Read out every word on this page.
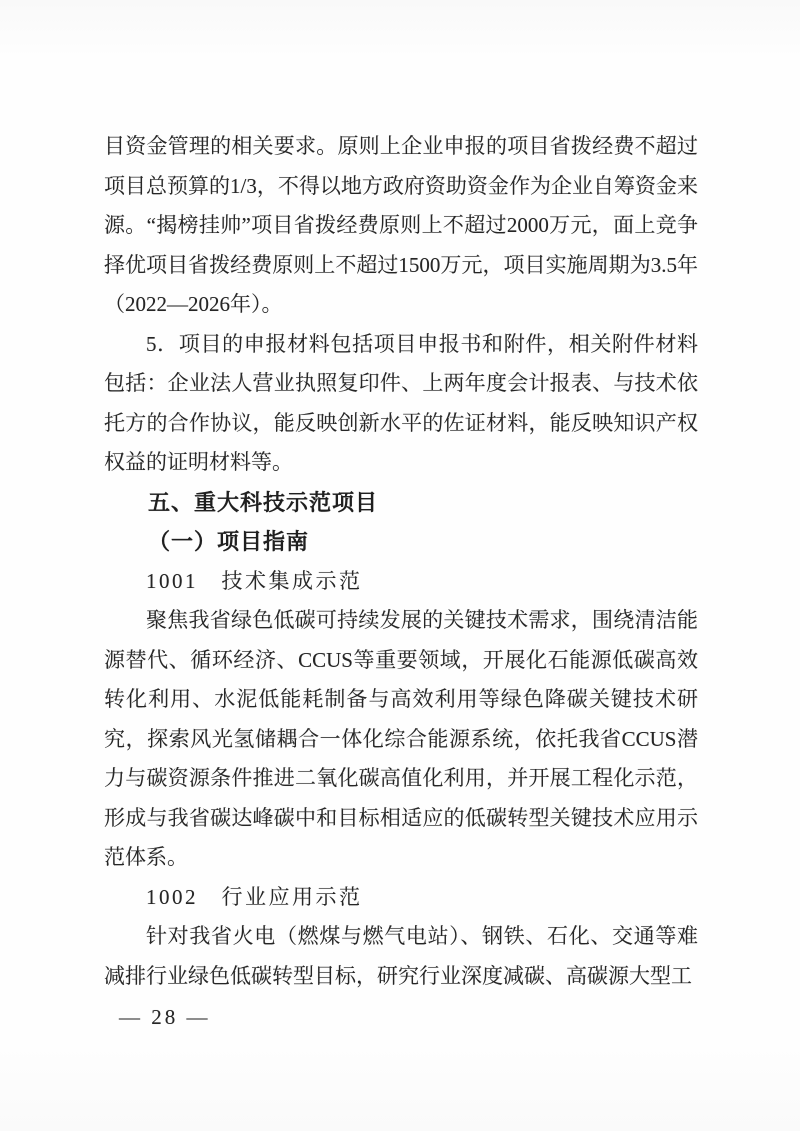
目资金管理的相关要求。原则上企业申报的项目省拨经费不超过项目总预算的1/3，不得以地方政府资助资金作为企业自筹资金来源。“揭榜挂帅”项目省拨经费原则上不超过2000万元，面上竞争择优项目省拨经费原则上不超过1500万元，项目实施周期为3.5年（2022—2026年）。

5．项目的申报材料包括项目申报书和附件，相关附件材料包括：企业法人营业执照复印件、上两年度会计报表、与技术依托方的合作协议，能反映创新水平的佐证材料，能反映知识产权权益的证明材料等。

五、重大科技示范项目
（一）项目指南
1001　技术集成示范

聚焦我省绿色低碳可持续发展的关键技术需求，围绕清洁能源替代、循环经济、CCUS等重要领域，开展化石能源低碳高效转化利用、水泥低能耗制备与高效利用等绿色降碳关键技术研究，探索风光氢储耦合一体化综合能源系统，依托我省CCUS潜力与碳资源条件推进二氧化碳高值化利用，并开展工程化示范，形成与我省碳达峰碳中和目标相适应的低碳转型关键技术应用示范体系。

1002　行业应用示范

针对我省火电（燃煤与燃气电站）、钢铁、石化、交通等难减排行业绿色低碳转型目标，研究行业深度减碳、高碳源大型工

— 28 —
